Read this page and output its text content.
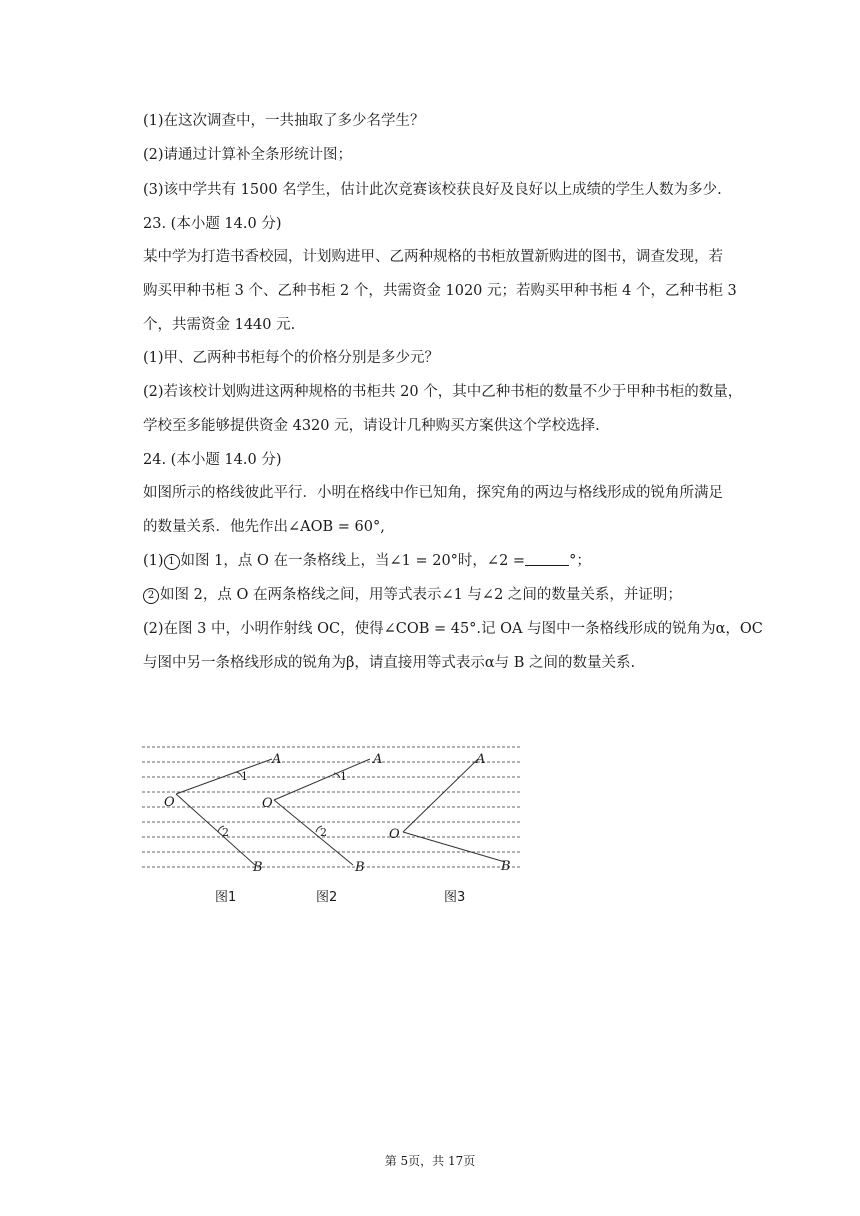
(1)在这次调查中，一共抽取了多少名学生？
(2)请通过计算补全条形统计图；
(3)该中学共有 1500 名学生，估计此次竞赛该校获良好及良好以上成绩的学生人数为多少.
23. (本小题 14.0 分)
某中学为打造书香校园，计划购进甲、乙两种规格的书柜放置新购进的图书，调查发现，若
购买甲种书柜 3 个、乙种书柜 2 个，共需资金 1020 元；若购买甲种书柜 4 个，乙种书柜 3
个，共需资金 1440 元.
(1)甲、乙两种书柜每个的价格分别是多少元？
(2)若该校计划购进这两种规格的书柜共 20 个，其中乙种书柜的数量不少于甲种书柜的数量，
学校至多能够提供资金 4320 元，请设计几种购买方案供这个学校选择.
24. (本小题 14.0 分)
如图所示的格线彼此平行．小明在格线中作已知角，探究角的两边与格线形成的锐角所满足
的数量关系．他先作出∠AOB = 60°,
(1) 1 如图 1，点 O 在一条格线上，当∠1 = 20°时，∠2 =	°；
2 如图 2，点 O 在两条格线之间，用等式表示∠1 与∠2 之间的数量关系，并证明；
(2)在图 3 中，小明作射线 OC，使得∠COB = 45°.记 OA 与图中一条格线形成的锐角为α，OC
与图中另一条格线形成的锐角为β，请直接用等式表示α与 B 之间的数量关系.
A
O
B
1
2
A
O
B
1
2
A
O
B
图1	图2	图3
第 5页，共 17页
